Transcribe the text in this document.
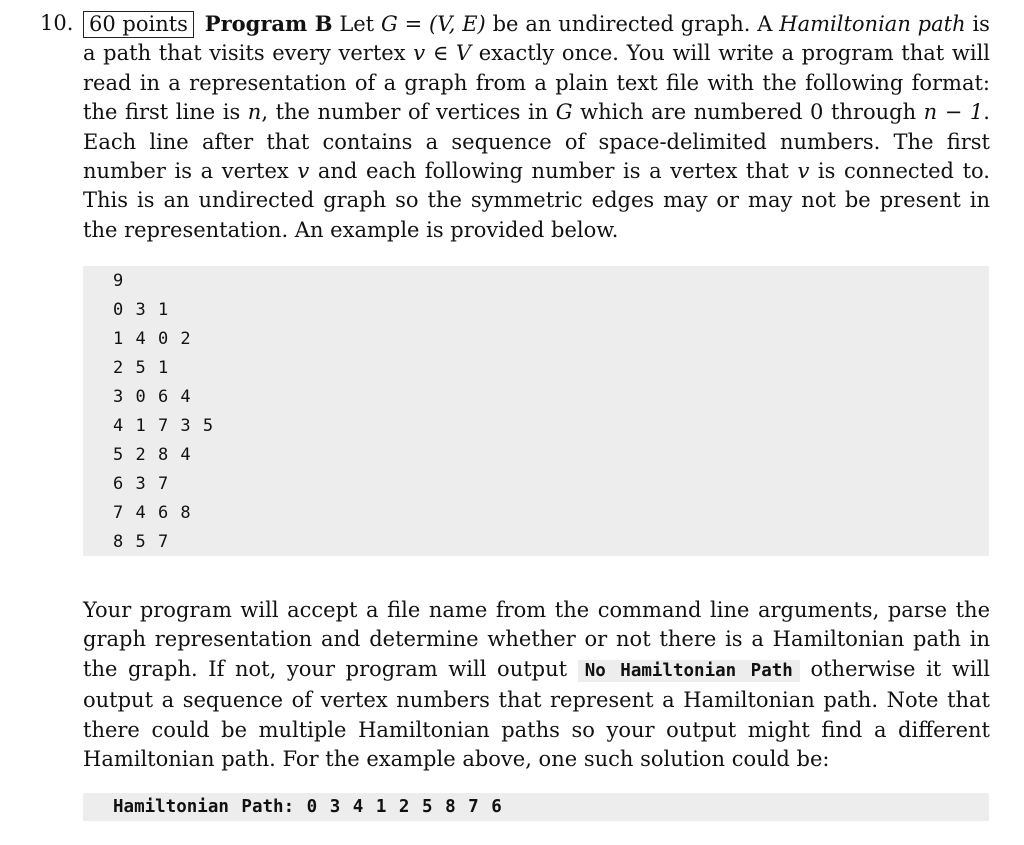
10. 60 points Program B Let G = (V, E) be an undirected graph. A Hamiltonian path is a path that visits every vertex v ∈ V exactly once. You will write a program that will read in a representation of a graph from a plain text file with the following format: the first line is n, the number of vertices in G which are numbered 0 through n − 1. Each line after that contains a sequence of space-delimited numbers. The first number is a vertex v and each following number is a vertex that v is connected to. This is an undirected graph so the symmetric edges may or may not be present in the representation. An example is provided below.
9
0 3 1
1 4 0 2
2 5 1
3 0 6 4
4 1 7 3 5
5 2 8 4
6 3 7
7 4 6 8
8 5 7
Your program will accept a file name from the command line arguments, parse the graph representation and determine whether or not there is a Hamiltonian path in the graph. If not, your program will output No Hamiltonian Path otherwise it will output a sequence of vertex numbers that represent a Hamiltonian path. Note that there could be multiple Hamiltonian paths so your output might find a different Hamiltonian path. For the example above, one such solution could be:
Hamiltonian Path: 0 3 4 1 2 5 8 7 6
